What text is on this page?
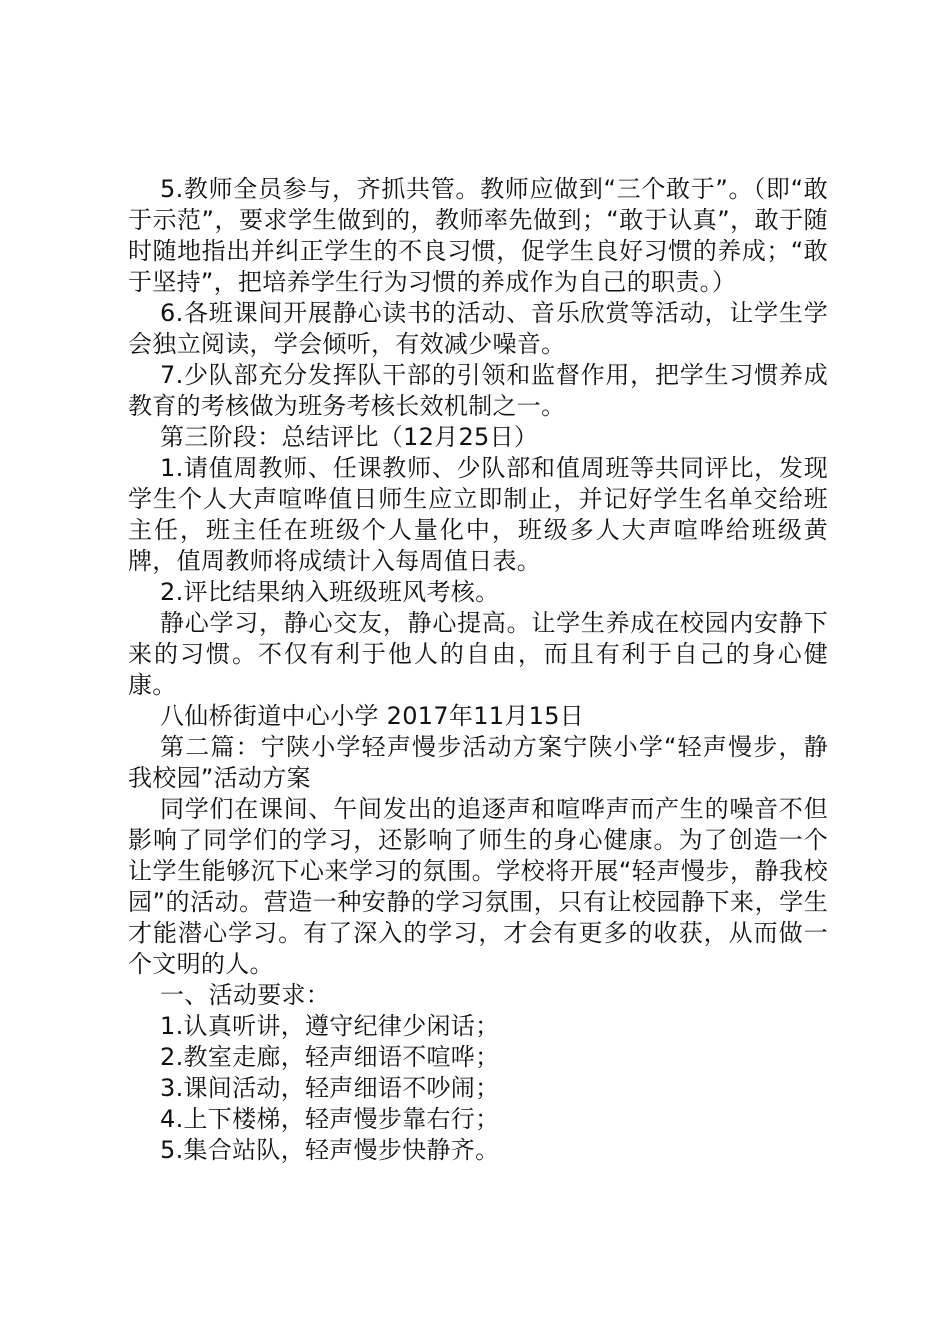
5.教师全员参与，齐抓共管。教师应做到“三个敢于”。（即“敢于示范”，要求学生做到的，教师率先做到；“敢于认真”，敢于随时随地指出并纠正学生的不良习惯，促学生良好习惯的养成；“敢于坚持”，把培养学生行为习惯的养成作为自己的职责。）

6.各班课间开展静心读书的活动、音乐欣赏等活动，让学生学会独立阅读，学会倾听，有效减少噪音。

7.少队部充分发挥队干部的引领和监督作用，把学生习惯养成教育的考核做为班务考核长效机制之一。

第三阶段：总结评比（12月25日）

1.请值周教师、任课教师、少队部和值周班等共同评比，发现学生个人大声喧哗值日师生应立即制止，并记好学生名单交给班主任，班主任在班级个人量化中，班级多人大声喧哗给班级黄牌，值周教师将成绩计入每周值日表。

2.评比结果纳入班级班风考核。

静心学习，静心交友，静心提高。让学生养成在校园内安静下来的习惯。不仅有利于他人的自由，而且有利于自己的身心健康。

八仙桥街道中心小学 2017年11月15日

第二篇：宁陕小学轻声慢步活动方案宁陕小学“轻声慢步，静我校园”活动方案

同学们在课间、午间发出的追逐声和喧哗声而产生的噪音不但影响了同学们的学习，还影响了师生的身心健康。为了创造一个让学生能够沉下心来学习的氛围。学校将开展“轻声慢步，静我校园”的活动。营造一种安静的学习氛围，只有让校园静下来，学生才能潜心学习。有了深入的学习，才会有更多的收获，从而做一个文明的人。

一、活动要求：

1.认真听讲，遵守纪律少闲话；

2.教室走廊，轻声细语不喧哗；

3.课间活动，轻声细语不吵闹；

4.上下楼梯，轻声慢步靠右行；

5.集合站队，轻声慢步快静齐。
